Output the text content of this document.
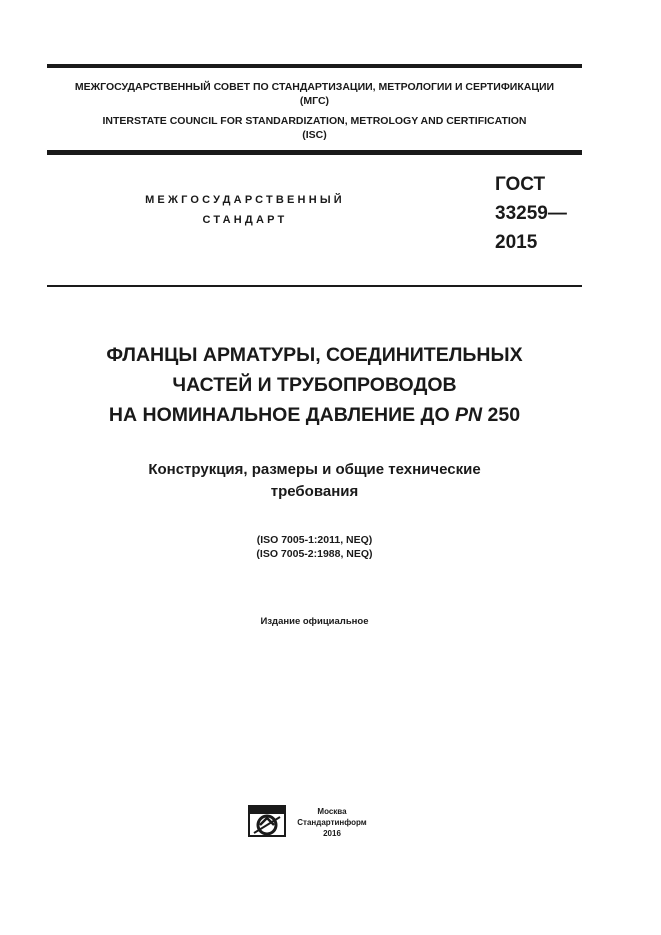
МЕЖГОСУДАРСТВЕННЫЙ СОВЕТ ПО СТАНДАРТИЗАЦИИ, МЕТРОЛОГИИ И СЕРТИФИКАЦИИ
(МГС)
INTERSTATE COUNCIL FOR STANDARDIZATION, METROLOGY AND CERTIFICATION
(ISC)
МЕЖГОСУДАРСТВЕННЫЙ
СТАНДАРТ
ГОСТ
33259—
2015
ФЛАНЦЫ АРМАТУРЫ, СОЕДИНИТЕЛЬНЫХ
ЧАСТЕЙ И ТРУБОПРОВОДОВ
НА НОМИНАЛЬНОЕ ДАВЛЕНИЕ ДО PN 250
Конструкция, размеры и общие технические
требования
(ISO 7005-1:2011, NEQ)
(ISO 7005-2:1988, NEQ)
Издание официальное
Москва
Стандартинформ
2016
